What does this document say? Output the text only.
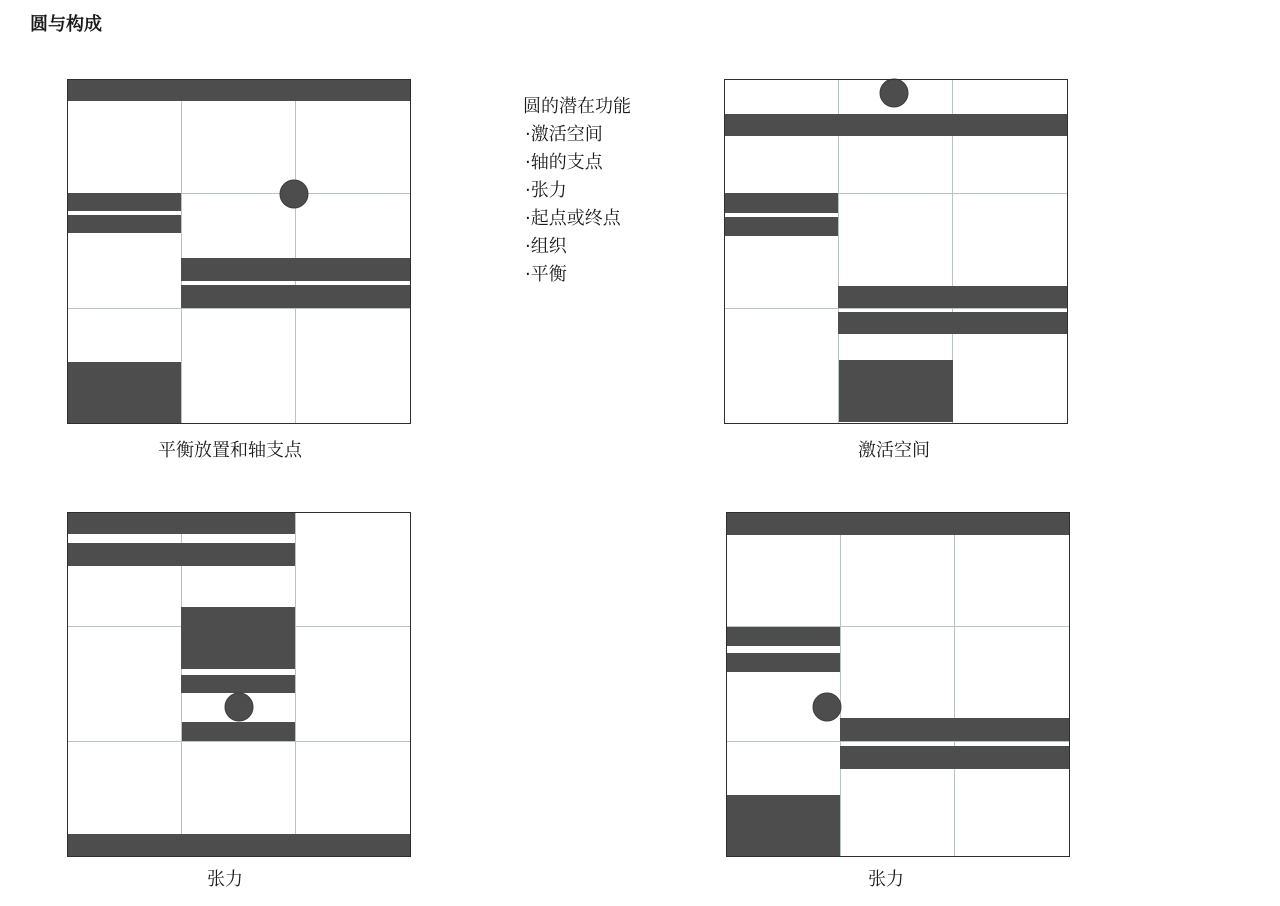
圆与构成
圆的潜在功能
·激活空间
·轴的支点
·张力
·起点或终点
·组织
·平衡
平衡放置和轴支点	激活空间
张力	张力
